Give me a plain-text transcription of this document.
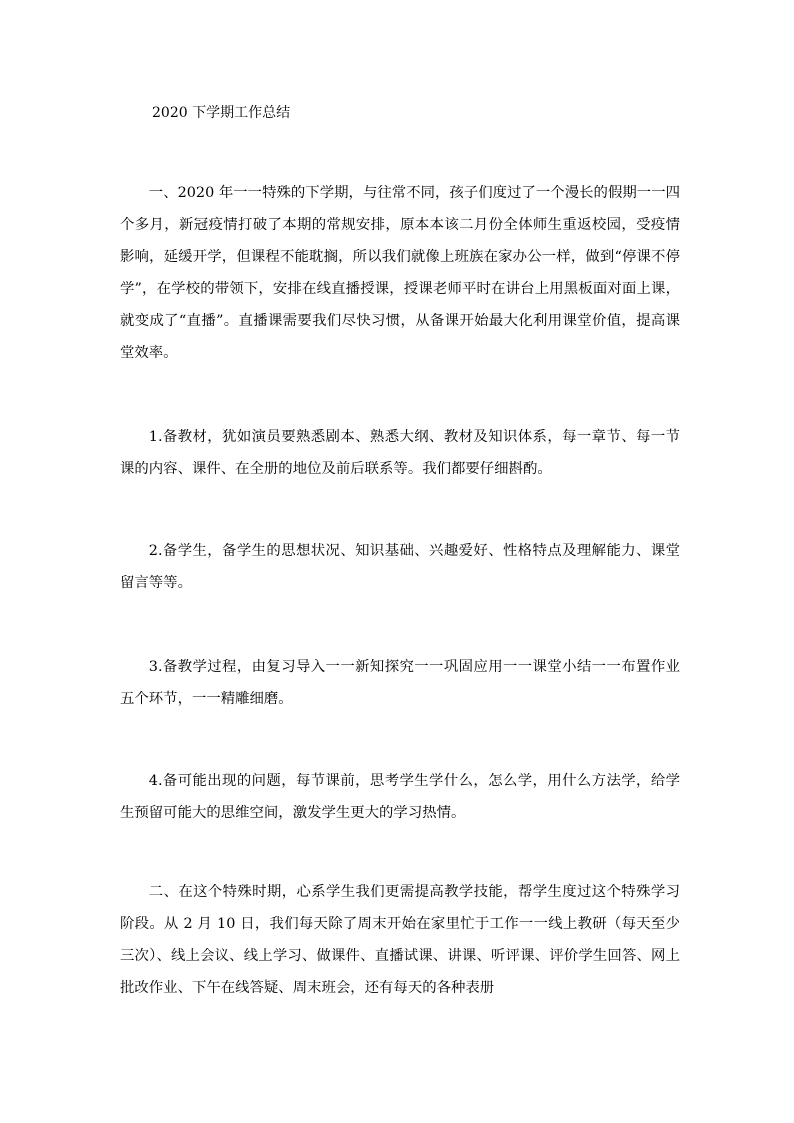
2020 下学期工作总结

一、2020 年一一特殊的下学期，与往常不同，孩子们度过了一个漫长的假期一一四个多月，新冠疫情打破了本期的常规安排，原本本该二月份全体师生重返校园，受疫情影响，延缓开学，但课程不能耽搁，所以我们就像上班族在家办公一样，做到“停课不停学”，在学校的带领下，安排在线直播授课，授课老师平时在讲台上用黑板面对面上课，就变成了“直播”。直播课需要我们尽快习惯，从备课开始最大化利用课堂价值，提高课堂效率。

1.备教材，犹如演员要熟悉剧本、熟悉大纲、教材及知识体系，每一章节、每一节课的内容、课件、在全册的地位及前后联系等。我们都要仔细斟酌。

2.备学生，备学生的思想状况、知识基础、兴趣爱好、性格特点及理解能力、课堂留言等等。

3.备教学过程，由复习导入一一新知探究一一巩固应用一一课堂小结一一布置作业五个环节，一一精雕细磨。

4.备可能出现的问题，每节课前，思考学生学什么，怎么学，用什么方法学，给学生预留可能大的思维空间，激发学生更大的学习热情。

二、在这个特殊时期，心系学生我们更需提高教学技能，帮学生度过这个特殊学习阶段。从 2 月 10 日，我们每天除了周末开始在家里忙于工作一一线上教研（每天至少三次）、线上会议、线上学习、做课件、直播试课、讲课、听评课、评价学生回答、网上批改作业、下午在线答疑、周末班会，还有每天的各种表册
